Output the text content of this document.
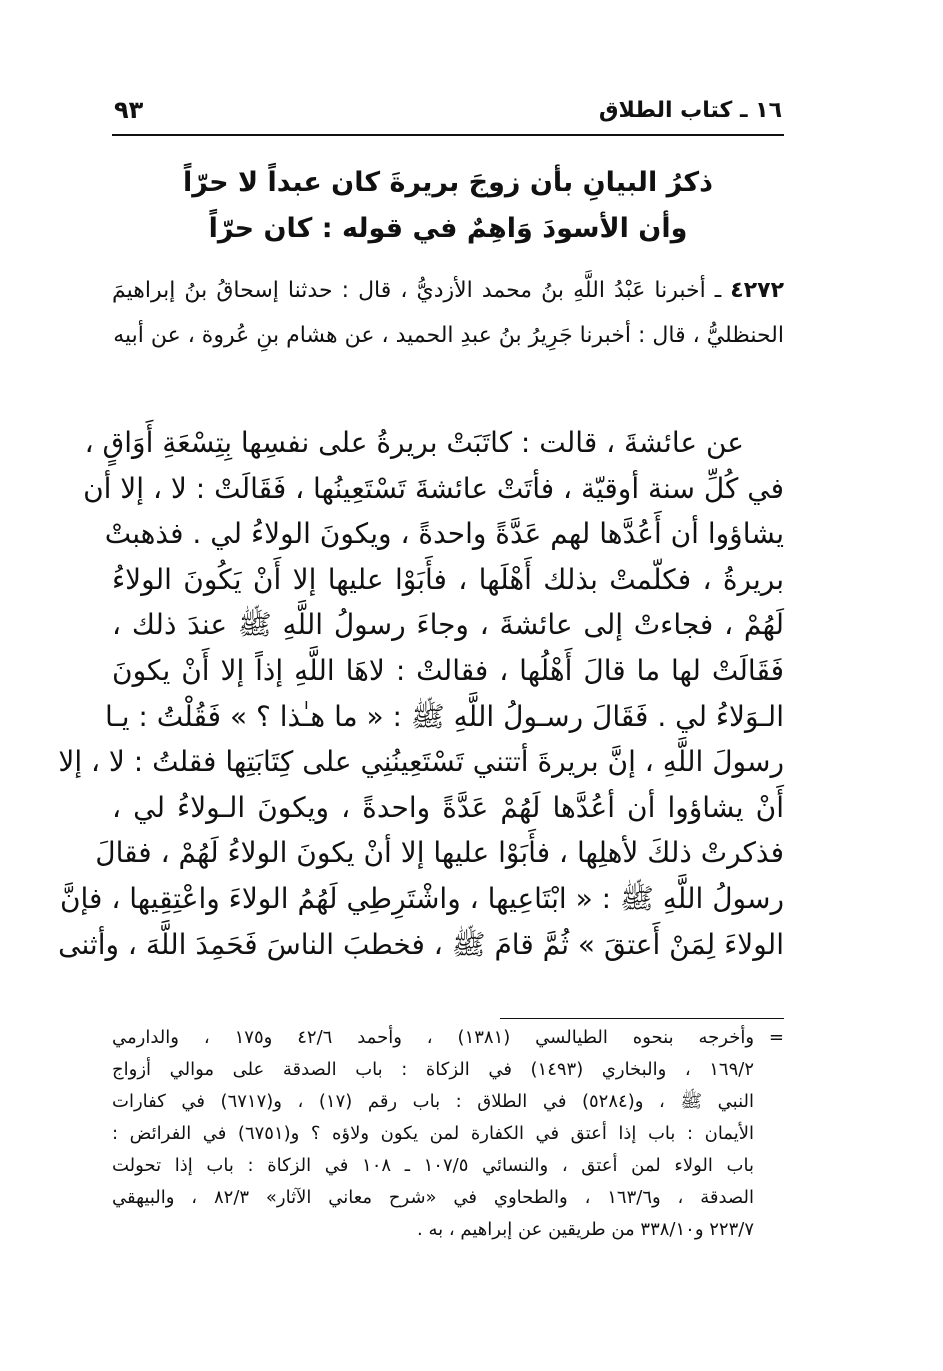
١٦ ـ كتاب الطلاق
٩٣
ذكرُ البيانِ بأن زوجَ بريرةَ كان عبداً لا حرّاً
وأن الأسودَ وَاهِمٌ في قوله : كان حرّاً
٤٢٧٢ ـ أخبرنا عَبْدُ اللَّهِ بنُ محمد الأزديُّ ، قال : حدثنا إسحاقُ بنُ إبراهيمَ الحنظليُّ ، قال : أخبرنا جَرِيرُ بنُ عبدِ الحميد ، عن هشام بنِ عُروة ، عن أبيه
عن عائشةَ ، قالت : كاتَبَتْ بريرةُ على نفسِها بِتِسْعَةِ أَوَاقٍ ،
في كُلِّ سنة أوقيّة ، فأتَتْ عائشةَ تَسْتَعِينُها ، فَقَالَتْ : لا ، إلا أن
يشاؤوا أن أَعُدَّها لهم عَدَّةً واحدةً ، ويكونَ الولاءُ لي . فذهبتْ
بريرةُ ، فكلّمتْ بذلك أَهْلَها ، فأَبَوْا عليها إلا أَنْ يَكُونَ الولاءُ
لَهُمْ ، فجاءتْ إلى عائشةَ ، وجاءَ رسولُ اللَّهِ ﷺ عندَ ذلك ،
فَقَالَتْ لها ما قالَ أَهْلُها ، فقالتْ : لاهَا اللَّهِ إذاً إلا أَنْ يكونَ
الـوَلاءُ لي . فَقَالَ رسـولُ اللَّهِ ﷺ : « ما هـٰذا ؟ » فَقُلْتُ : يـا
رسولَ اللَّهِ ، إنَّ بريرةَ أتتني تَسْتَعِينُنِي على كِتَابَتِها فقلتُ : لا ، إلا
أَنْ يشاؤوا أن أعُدَّها لَهُمْ عَدَّةً واحدةً ، ويكونَ الـولاءُ لي ،
فذكرتْ ذلكَ لأهلِها ، فأَبَوْا عليها إلا أنْ يكونَ الولاءُ لَهُمْ ، فقالَ
رسولُ اللَّهِ ﷺ : « ابْتَاعِيها ، واشْتَرِطِي لَهُمُ الولاءَ واعْتِقِيها ، فإنَّ
الولاءَ لِمَنْ أَعتقَ » ثُمَّ قامَ ﷺ ، فخطبَ الناسَ فَحَمِدَ اللَّهَ ، وأثنى
=
وأخرجه بنحوه الطيالسي (١٣٨١) ، وأحمد ٤٢/٦ و١٧٥ ، والدارمي
١٦٩/٢ ، والبخاري (١٤٩٣) في الزكاة : باب الصدقة على موالي أزواج
النبي ﷺ ، و(٥٢٨٤) في الطلاق : باب رقم (١٧) ، و(٦٧١٧) في كفارات
الأيمان : باب إذا أعتق في الكفارة لمن يكون ولاؤه ؟ و(٦٧٥١) في الفرائض :
باب الولاء لمن أعتق ، والنسائي ١٠٧/٥ ـ ١٠٨ في الزكاة : باب إذا تحولت
الصدقة ، و١٦٣/٦ ، والطحاوي في «شرح معاني الآثار» ٨٢/٣ ، والبيهقي
٢٢٣/٧ و٣٣٨/١٠ من طريقين عن إبراهيم ، به .
